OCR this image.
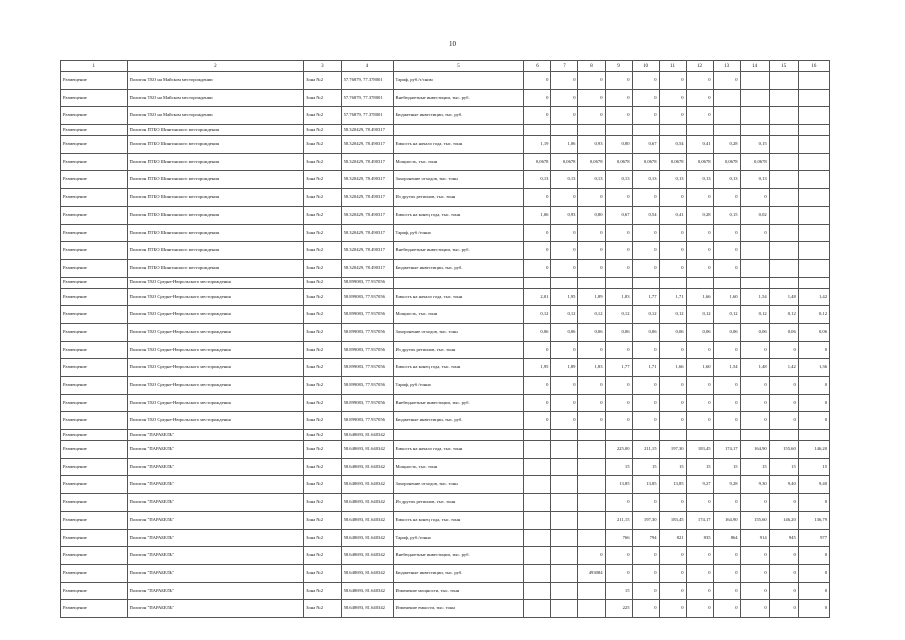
10
1	2	3	4	5	6	7	8	9	10	11	12	13	14	15	16
Размещение	Полигон ТБО на Майском месторождении	Зона №2	57.76879, 77.378001	Тариф, руб./т/сним	0	0	0	0	0	0	0	0			
Размещение	Полигон ТБО на Майском месторождении	Зона №2	57.76879, 77.378001	Внебюджетные инвестиции, тыс. руб.	0	0	0	0	0	0	0				
Размещение	Полигон ТБО на Майском месторождении	Зона №2	57.76879, 77.378001	Бюджетные инвестиции, тыс. руб.	0	0	0	0	0	0	0				
Размещение	Полигон ПТБО Шингинского месторождения	Зона №2	58.320429, 78.490317												
Размещение	Полигон ПТБО Шингинского месторождения	Зона №2	58.320429, 78.490317	Емкость на начало года, тыс. тонн	1,19	1,06	0,93	0,80	0,67	0,54	0,41	0,28	0,15		
Размещение	Полигон ПТБО Шингинского месторождения	Зона №2	58.320429, 78.490317	Мощность, тыс. тонн	0,0678	0,0678	0,0678	0,0678	0,0678	0,0678	0,0678	0,0678	0,0678		
Размещение	Полигон ПТБО Шингинского месторождения	Зона №2	58.320429, 78.490317	Захоронение отходов, тыс. тонн	0,13	0,13	0,13	0,13	0,13	0,13	0,13	0,13	0,13		
Размещение	Полигон ПТБО Шингинского месторождения	Зона №2	58.320429, 78.490317	Из других регионов, тыс. тонн	0	0	0	0	0	0	0	0	0		
Размещение	Полигон ПТБО Шингинского месторождения	Зона №2	58.320429, 78.490317	Емкость на конец года, тыс. тонн	1,06	0,93	0,80	0,67	0,54	0,41	0,28	0,15	0,02		
Размещение	Полигон ПТБО Шингинского месторождения	Зона №2	58.320429, 78.490317	Тариф, руб./тонна	0	0	0	0	0	0	0	0	0		
Размещение	Полигон ПТБО Шингинского месторождения	Зона №2	58.320429, 78.490317	Внебюджетные инвестиции, тыс. руб.	0	0	0	0	0	0	0	0			
Размещение	Полигон ПТБО Шингинского месторождения	Зона №2	58.320429, 78.490317	Бюджетные инвестиции, тыс. руб.	0	0	0	0	0	0	0	0			
Размещение	Полигон ТБО Средне-Нюрольского месторождения	Зона №2	58.899083, 77.937056												
Размещение	Полигон ТБО Средне-Нюрольского месторождения	Зона №2	58.899083, 77.937056	Емкость на начало года, тыс. тонн	2,01	1,95	1,89	1,83	1,77	1,71	1,66	1,60	1,54	1,48	1,42
Размещение	Полигон ТБО Средне-Нюрольского месторождения	Зона №2	58.899083, 77.937056	Мощность, тыс. тонн	0,12	0,12	0,12	0,12	0,12	0,12	0,12	0,12	0,12	0,12	0,12
Размещение	Полигон ТБО Средне-Нюрольского месторождения	Зона №2	58.899083, 77.937056	Захоронение отходов, тыс. тонн	0,06	0,06	0,06	0,06	0,06	0,06	0,06	0,06	0,06	0,06	0,06
Размещение	Полигон ТБО Средне-Нюрольского месторождения	Зона №2	58.899083, 77.937056	Из других регионов, тыс. тонн	0	0	0	0	0	0	0	0	0	0	0
Размещение	Полигон ТБО Средне-Нюрольского месторождения	Зона №2	58.899083, 77.937056	Емкость на конец года, тыс. тонн	1,95	1,89	1,83	1,77	1,71	1,66	1,60	1,54	1,48	1,42	1,36
Размещение	Полигон ТБО Средне-Нюрольского месторождения	Зона №2	58.899083, 77.937056	Тариф, руб./тонна	0	0	0	0	0	0	0	0	0	0	0
Размещение	Полигон ТБО Средне-Нюрольского месторождения	Зона №2	58.899083, 77.937056	Внебюджетные инвестиции, тыс. руб.	0	0	0	0	0	0	0	0	0	0	0
Размещение	Полигон ТБО Средне-Нюрольского месторождения	Зона №2	58.899083, 77.937056	Бюджетные инвестиции, тыс. руб.	0	0	0	0	0	0	0	0	0	0	0
Размещение	Полигон "ПАРАБЕЛЬ"	Зона №2	58.648693, 81.640342												
Размещение	Полигон "ПАРАБЕЛЬ"	Зона №2	58.648693, 81.640342	Емкость на начало года, тыс. тонн				225,00	211,15	197,30	183,45	174,17	164,90	155,60	146,20
Размещение	Полигон "ПАРАБЕЛЬ"	Зона №2	58.648693, 81.640342	Мощность, тыс. тонн				15	15	15	15	15	15	15	15
Размещение	Полигон "ПАРАБЕЛЬ"	Зона №2	58.648693, 81.640342	Захоронение отходов, тыс. тонн				13,85	13,85	13,85	9,27	9,28	9,30	9,40	9,40
Размещение	Полигон "ПАРАБЕЛЬ"	Зона №2	58.648693, 81.640342	Из других регионов, тыс. тонн				0	0	0	0	0	0	0	0
Размещение	Полигон "ПАРАБЕЛЬ"	Зона №2	58.648693, 81.640342	Емкость на конец года, тыс. тонн				211,15	197,30	183,45	174,17	164,90	155,60	146,20	136,79
Размещение	Полигон "ПАРАБЕЛЬ"	Зона №2	58.648693, 81.640342	Тариф, руб./тонна				766	794	821	835	864	914	945	977
Размещение	Полигон "ПАРАБЕЛЬ"	Зона №2	58.648693, 81.640342	Внебюджетные инвестиции, тыс. руб.			0	0	0	0	0	0	0	0	0
Размещение	Полигон "ПАРАБЕЛЬ"	Зона №2	58.648693, 81.640342	Бюджетные инвестиции, тыс. руб.			493084	0	0	0	0	0	0	0	0
Размещение	Полигон "ПАРАБЕЛЬ"	Зона №2	58.648693, 81.640342	Изменение мощности, тыс. тонн				15	0	0	0	0	0	0	0
Размещение	Полигон "ПАРАБЕЛЬ"	Зона №2	58.648693, 81.640342	Изменение емкости, тыс. тонн				225	0	0	0	0	0	0	0
